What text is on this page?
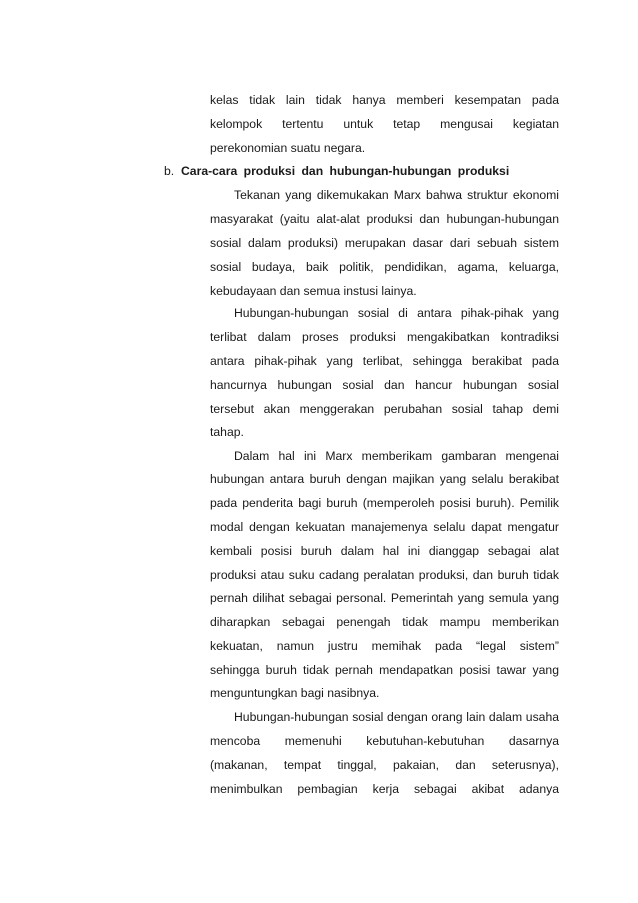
kelas tidak lain tidak hanya memberi kesempatan pada
kelompok tertentu untuk tetap mengusai kegiatan
perekonomian suatu negara.
b. Cara-cara produksi dan hubungan-hubungan produksi
Tekanan yang dikemukakan Marx bahwa struktur ekonomi
masyarakat (yaitu alat-alat produksi dan hubungan-hubungan
sosial dalam produksi) merupakan dasar dari sebuah sistem
sosial budaya, baik politik, pendidikan, agama, keluarga,
kebudayaan dan semua instusi lainya.
Hubungan-hubungan sosial di antara pihak-pihak yang
terlibat dalam proses produksi mengakibatkan kontradiksi
antara pihak-pihak yang terlibat, sehingga berakibat pada
hancurnya hubungan sosial dan hancur hubungan sosial
tersebut akan menggerakan perubahan sosial tahap demi
tahap.
Dalam hal ini Marx memberikam gambaran mengenai
hubungan antara buruh dengan majikan yang selalu berakibat
pada penderita bagi buruh (memperoleh posisi buruh). Pemilik
modal dengan kekuatan manajemenya selalu dapat mengatur
kembali posisi buruh dalam hal ini dianggap sebagai alat
produksi atau suku cadang peralatan produksi, dan buruh tidak
pernah dilihat sebagai personal. Pemerintah yang semula yang
diharapkan sebagai penengah tidak mampu memberikan
kekuatan, namun justru memihak pada “legal sistem”
sehingga buruh tidak pernah mendapatkan posisi tawar yang
menguntungkan bagi nasibnya.
Hubungan-hubungan sosial dengan orang lain dalam usaha
mencoba memenuhi kebutuhan-kebutuhan dasarnya
(makanan, tempat tinggal, pakaian, dan seterusnya),
menimbulkan pembagian kerja sebagai akibat adanya
